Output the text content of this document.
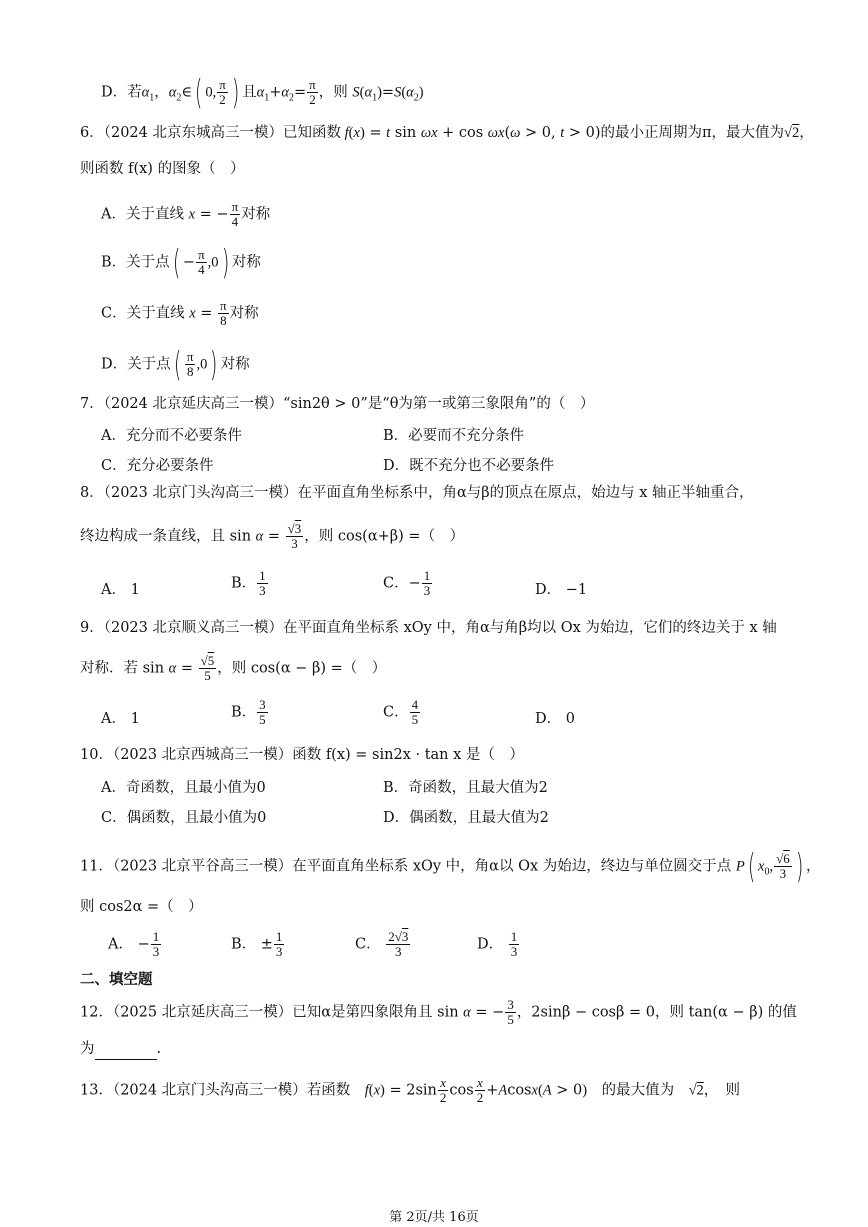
D．若$\alpha_1$，$\alpha_2\in$( 0, $\frac{\pi}{2}$ ) 且$\alpha_1+\alpha_2= \frac{\pi}{2}$ ，则 $S(\alpha_1)=S(\alpha_2)$
6．（2024 北京东城高三一模）已知函数 f(x) = t sin ωx + cos ωx(ω > 0, t > 0)的最小正周期为π，最大值为√2，
则函数 f(x) 的图象（　）
A．关于直线 x = − $\frac{\pi}{4}$ 对称
B．关于点( − $\frac{\pi}{4} ,0$) 对称
C．关于直线 $x = \frac{\pi}{8}$ 对称
D．关于点( $\frac{\pi}{8} ,0$) 对称
7．（2024 北京延庆高三一模）“sin2θ > 0”是“θ为第一或第三象限角”的（　）
A．充分而不必要条件	B．必要而不充分条件
C．充分必要条件	D．既不充分也不必要条件
8．（2023 北京门头沟高三一模）在平面直角坐标系中，角α与β的顶点在原点，始边与 x 轴正半轴重合，
终边构成一条直线，且 $\sin \alpha = \frac{√3}{3}$ ，则 cos(α+β) =（　）
A． 1	B． $\frac{1}{3}$	C．− $\frac{1}{3}$	D． −1
9．（2023 北京顺义高三一模）在平面直角坐标系 xOy 中，角α与角β均以 Ox 为始边，它们的终边关于 x 轴
对称．若 $\sin \alpha = \frac{√5}{5}$ ，则 cos(α − β) =（　）
A． 1	B． $\frac{3}{5}$	C． $\frac{4}{5}$	D． 0
10．（2023 北京西城高三一模）函数 f(x) = sin2x · tan x 是（　）
A．奇函数，且最小值为0	B．奇函数，且最大值为2
C．偶函数，且最小值为0	D．偶函数，且最大值为2
11．（2023 北京平谷高三一模）在平面直角坐标系 xOy 中，角α以 Ox 为始边，终边与单位圆交于点 P( $x_0$, $\frac{√6}{3}$ ) ，
则 cos2α =（　）
A． − $\frac{1}{3}$	B． ± $\frac{1}{3}$	C． $\frac{2√3}{3}$	D． $\frac{1}{3}$
二、填空题
12．（2025 北京延庆高三一模）已知α是第四象限角且 sin α = − $\frac{3}{5}$ ，2sinβ − cosβ = 0，则 tan(α − β) 的值
为	.
13．（2024 北京门头沟高三一模）若函数　 $f(x) = 2\sin \frac{x}{2}$ $\cos \frac{x}{2} +Acosx(A > 0)$　 的最大值为　 √2，　则
第 2页/共 16页
